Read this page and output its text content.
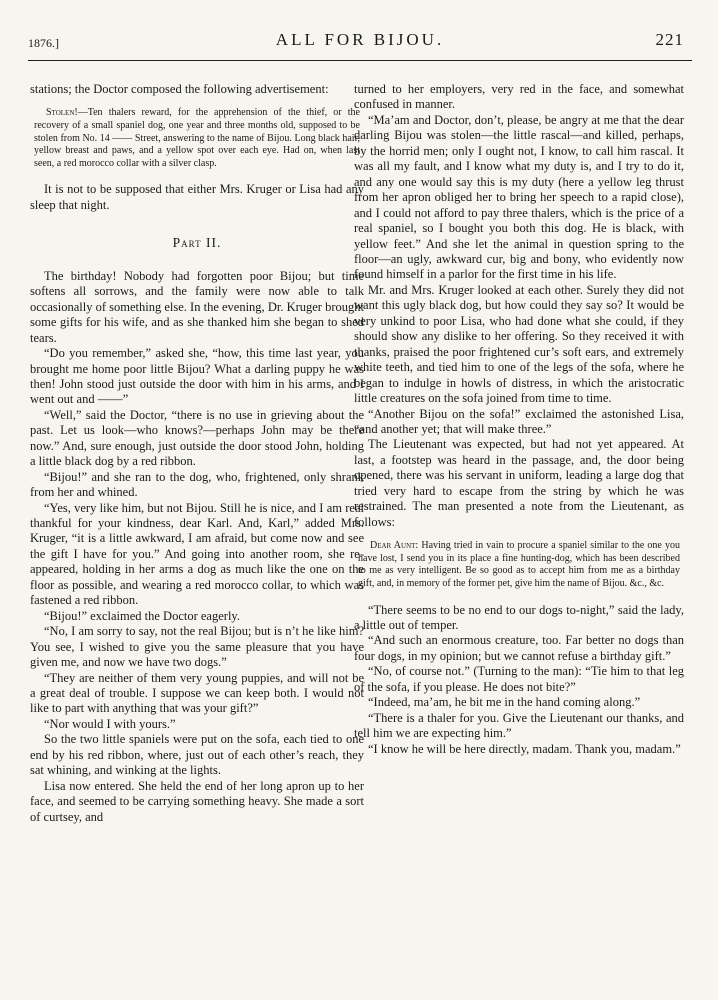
1876.]	ALL FOR BIJOU.	221

stations; the Doctor composed the following advertisement:

Stolen!—Ten thalers reward, for the apprehension of the thief, or the recovery of a small spaniel dog, one year and three months old, supposed to be stolen from No. 14 —— Street, answering to the name of Bijou. Long black hair, yellow breast and paws, and a yellow spot over each eye. Had on, when last seen, a red morocco collar with a silver clasp.

It is not to be supposed that either Mrs. Kruger or Lisa had any sleep that night.

Part II.

The birthday! Nobody had forgotten poor Bijou; but time softens all sorrows, and the family were now able to talk occasionally of something else. In the evening, Dr. Kruger brought some gifts for his wife, and as she thanked him she began to shed tears.

“Do you remember,” asked she, “how, this time last year, you brought me home poor little Bijou? What a darling puppy he was then! John stood just outside the door with him in his arms, and I went out and ——”

“Well,” said the Doctor, “there is no use in grieving about the past. Let us look—who knows?—perhaps John may be there now.” And, sure enough, just outside the door stood John, holding a little black dog by a red ribbon.

“Bijou!” and she ran to the dog, who, frightened, only shrank from her and whined.

“Yes, very like him, but not Bijou. Still he is nice, and I am real thankful for your kindness, dear Karl. And, Karl,” added Mrs. Kruger, “it is a little awkward, I am afraid, but come now and see the gift I have for you.” And going into another room, she re-appeared, holding in her arms a dog as much like the one on the floor as possible, and wearing a red morocco collar, to which was fastened a red ribbon.

“Bijou!” exclaimed the Doctor eagerly.

“No, I am sorry to say, not the real Bijou; but is n’t he like him? You see, I wished to give you the same pleasure that you have given me, and now we have two dogs.”

“They are neither of them very young puppies, and will not be a great deal of trouble. I suppose we can keep both. I would not like to part with anything that was your gift?”

“Nor would I with yours.”

So the two little spaniels were put on the sofa, each tied to one end by his red ribbon, where, just out of each other’s reach, they sat whining, and winking at the lights.

Lisa now entered. She held the end of her long apron up to her face, and seemed to be carrying something heavy. She made a sort of curtsey, and

turned to her employers, very red in the face, and somewhat confused in manner.

“Ma’am and Doctor, don’t, please, be angry at me that the dear darling Bijou was stolen—the little rascal—and killed, perhaps, by the horrid men; only I ought not, I know, to call him rascal. It was all my fault, and I know what my duty is, and I try to do it, and any one would say this is my duty (here a yellow leg thrust from her apron obliged her to bring her speech to a rapid close), and I could not afford to pay three thalers, which is the price of a real spaniel, so I bought you both this dog. He is black, with yellow feet.” And she let the animal in question spring to the floor—an ugly, awkward cur, big and bony, who evidently now found himself in a parlor for the first time in his life.

Mr. and Mrs. Kruger looked at each other. Surely they did not want this ugly black dog, but how could they say so? It would be very unkind to poor Lisa, who had done what she could, if they should show any dislike to her offering. So they received it with thanks, praised the poor frightened cur’s soft ears, and extremely white teeth, and tied him to one of the legs of the sofa, where he began to indulge in howls of distress, in which the aristocratic little creatures on the sofa joined from time to time.

“Another Bijou on the sofa!” exclaimed the astonished Lisa, “and another yet; that will make three.”

The Lieutenant was expected, but had not yet appeared. At last, a footstep was heard in the passage, and, the door being opened, there was his servant in uniform, leading a large dog that tried very hard to escape from the string by which he was restrained. The man presented a note from the Lieutenant, as follows:

Dear Aunt: Having tried in vain to procure a spaniel similar to the one you have lost, I send you in its place a fine hunting-dog, which has been described to me as very intelligent. Be so good as to accept him from me as a birthday gift, and, in memory of the former pet, give him the name of Bijou. &c., &c.

“There seems to be no end to our dogs to-night,” said the lady, a little out of temper.

“And such an enormous creature, too. Far better no dogs than four dogs, in my opinion; but we cannot refuse a birthday gift.”

“No, of course not.” (Turning to the man): “Tie him to that leg of the sofa, if you please. He does not bite?”

“Indeed, ma’am, he bit me in the hand coming along.”

“There is a thaler for you. Give the Lieutenant our thanks, and tell him we are expecting him.”

“I know he will be here directly, madam. Thank you, madam.”
